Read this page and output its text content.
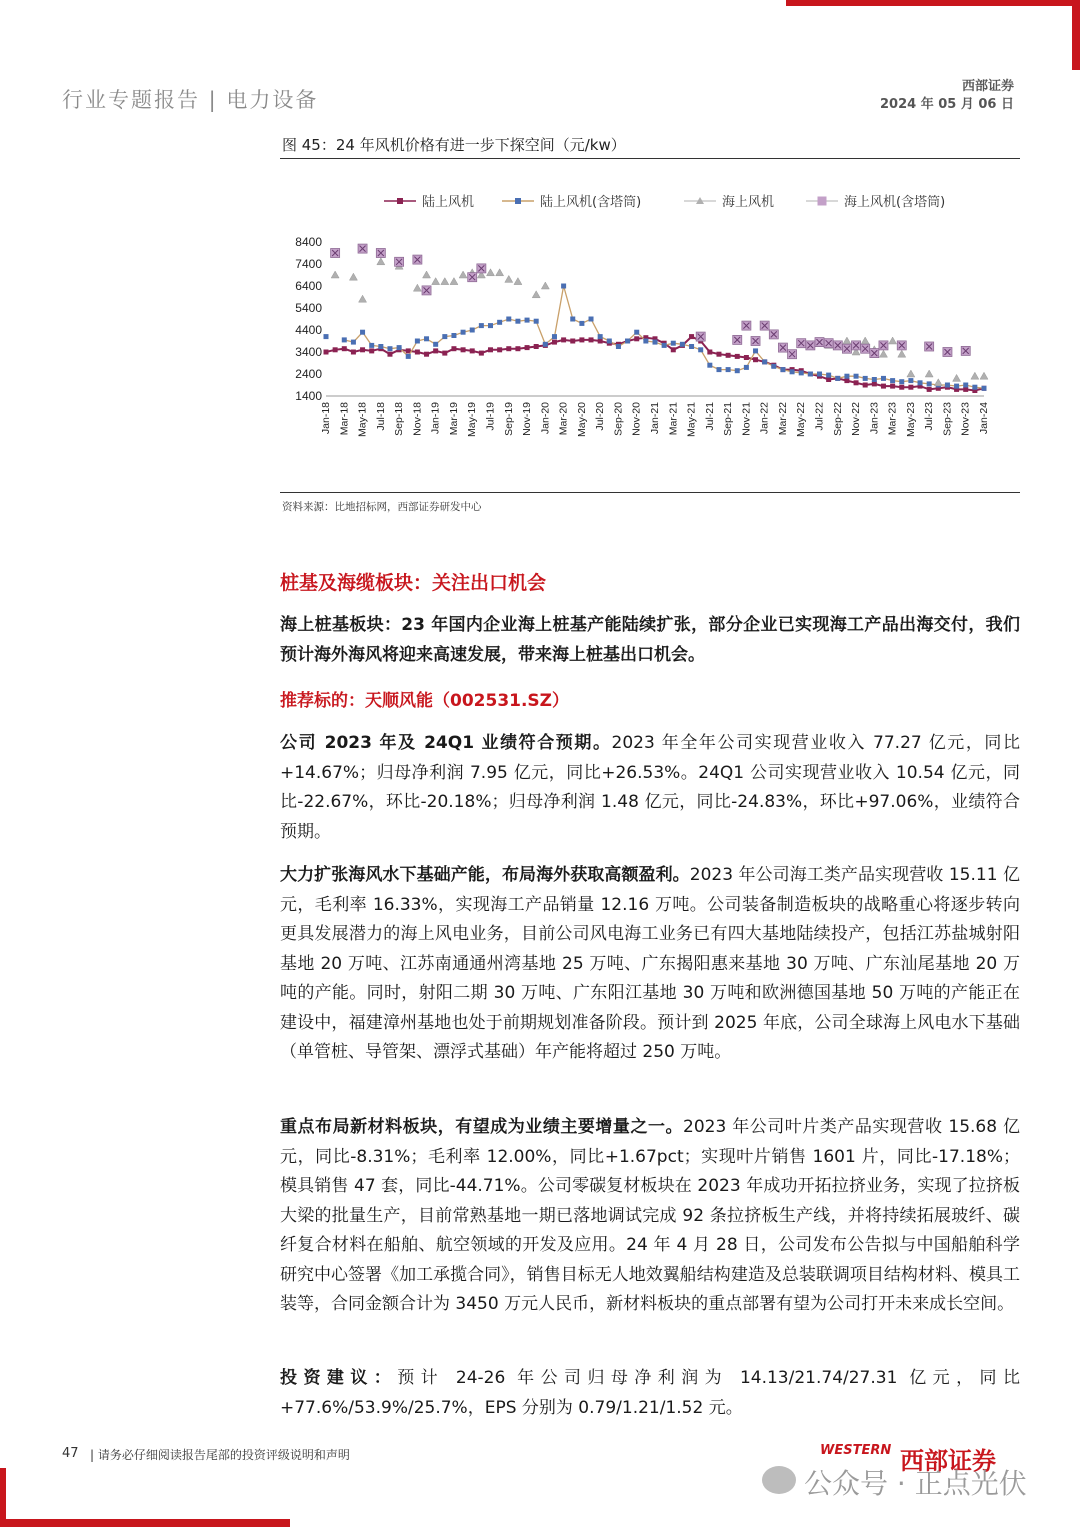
行业专题报告 | 电力设备
西部证券
2024 年 05 月 06 日
图 45：24 年风机价格有进一步下探空间（元/kw）
1400
2400
3400
4400
5400
6400
7400
8400
Jan-18 Mar-18 May-18 Jul-18 Sep-18 Nov-18 Jan-19 Mar-19 May-19 Jul-19 Sep-19 Nov-19 Jan-20 Mar-20 May-20 Jul-20 Sep-20 Nov-20 Jan-21 Mar-21 May-21 Jul-21 Sep-21 Nov-21 Jan-22 Mar-22 May-22 Jul-22 Sep-22 Nov-22 Jan-23 Mar-23 May-23 Jul-23 Sep-23 Nov-23 Jan-24
陆上风机	陆上风机(含塔筒)	海上风机	海上风机(含塔筒)
资料来源：比地招标网，西部证券研发中心
桩基及海缆板块：关注出口机会
海上桩基板块：23 年国内企业海上桩基产能陆续扩张，部分企业已实现海工产品出海交付，我们预计海外海风将迎来高速发展，带来海上桩基出口机会。
推荐标的：天顺风能（002531.SZ）
公司 2023 年及 24Q1 业绩符合预期。2023 年全年公司实现营业收入 77.27 亿元，同比+14.67%；归母净利润 7.95 亿元，同比+26.53%。24Q1 公司实现营业收入 10.54 亿元，同比-22.67%，环比-20.18%；归母净利润 1.48 亿元，同比-24.83%，环比+97.06%，业绩符合预期。
大力扩张海风水下基础产能，布局海外获取高额盈利。2023 年公司海工类产品实现营收 15.11 亿元，毛利率 16.33%，实现海工产品销量 12.16 万吨。公司装备制造板块的战略重心将逐步转向更具发展潜力的海上风电业务，目前公司风电海工业务已有四大基地陆续投产，包括江苏盐城射阳基地 20 万吨、江苏南通通州湾基地 25 万吨、广东揭阳惠来基地 30 万吨、广东汕尾基地 20 万吨的产能。同时，射阳二期 30 万吨、广东阳江基地 30 万吨和欧洲德国基地 50 万吨的产能正在建设中，福建漳州基地也处于前期规划准备阶段。预计到 2025 年底，公司全球海上风电水下基础（单管桩、导管架、漂浮式基础）年产能将超过 250 万吨。
重点布局新材料板块，有望成为业绩主要增量之一。2023 年公司叶片类产品实现营收 15.68 亿元，同比-8.31%；毛利率 12.00%，同比+1.67pct；实现叶片销售 1601 片，同比-17.18%；模具销售 47 套，同比-44.71%。公司零碳复材板块在 2023 年成功开拓拉挤业务，实现了拉挤板大梁的批量生产，目前常熟基地一期已落地调试完成 92 条拉挤板生产线，并将持续拓展玻纤、碳纤复合材料在船舶、航空领域的开发及应用。24 年 4 月 28 日，公司发布公告拟与中国船舶科学研究中心签署《加工承揽合同》，销售目标无人地效翼船结构建造及总装联调项目结构材料、模具工装等，合同金额合计为 3450 万元人民币，新材料板块的重点部署有望为公司打开未来成长空间。
投资建议：预计 24-26 年公司归母净利润为 14.13/21.74/27.31 亿元，同比+77.6%/53.9%/25.7%，EPS 分别为 0.79/1.21/1.52 元。
47 | 请务必仔细阅读报告尾部的投资评级说明和声明	WESTERN 西部证券
公众号 · 正点光伏
